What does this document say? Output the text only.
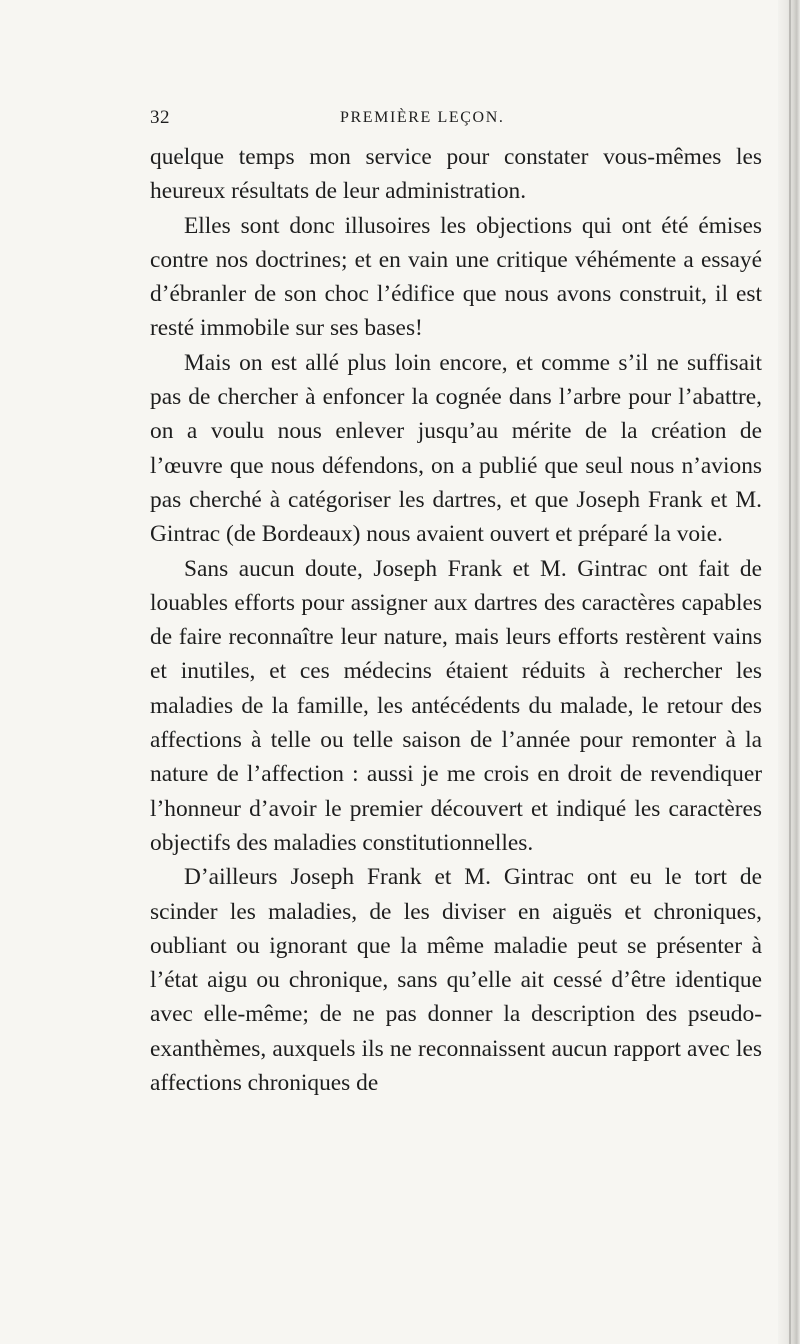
32	PREMIÈRE LEÇON.

quelque temps mon service pour constater vous-mêmes les heureux résultats de leur administration.

Elles sont donc illusoires les objections qui ont été émises contre nos doctrines; et en vain une critique véhémente a essayé d’ébranler de son choc l’édifice que nous avons construit, il est resté immobile sur ses bases!

Mais on est allé plus loin encore, et comme s’il ne suffisait pas de chercher à enfoncer la cognée dans l’arbre pour l’abattre, on a voulu nous enlever jusqu’au mérite de la création de l’œuvre que nous défendons, on a publié que seul nous n’avions pas cherché à catégoriser les dartres, et que Joseph Frank et M. Gintrac (de Bordeaux) nous avaient ouvert et préparé la voie.

Sans aucun doute, Joseph Frank et M. Gintrac ont fait de louables efforts pour assigner aux dartres des caractères capables de faire reconnaître leur nature, mais leurs efforts restèrent vains et inutiles, et ces médecins étaient réduits à rechercher les maladies de la famille, les antécédents du malade, le retour des affections à telle ou telle saison de l’année pour remonter à la nature de l’affection : aussi je me crois en droit de revendiquer l’honneur d’avoir le premier découvert et indiqué les caractères objectifs des maladies constitutionnelles.

D’ailleurs Joseph Frank et M. Gintrac ont eu le tort de scinder les maladies, de les diviser en aiguës et chroniques, oubliant ou ignorant que la même maladie peut se présenter à l’état aigu ou chronique, sans qu’elle ait cessé d’être identique avec elle-même; de ne pas donner la description des pseudo-exanthèmes, auxquels ils ne reconnaissent aucun rapport avec les affections chroniques de
